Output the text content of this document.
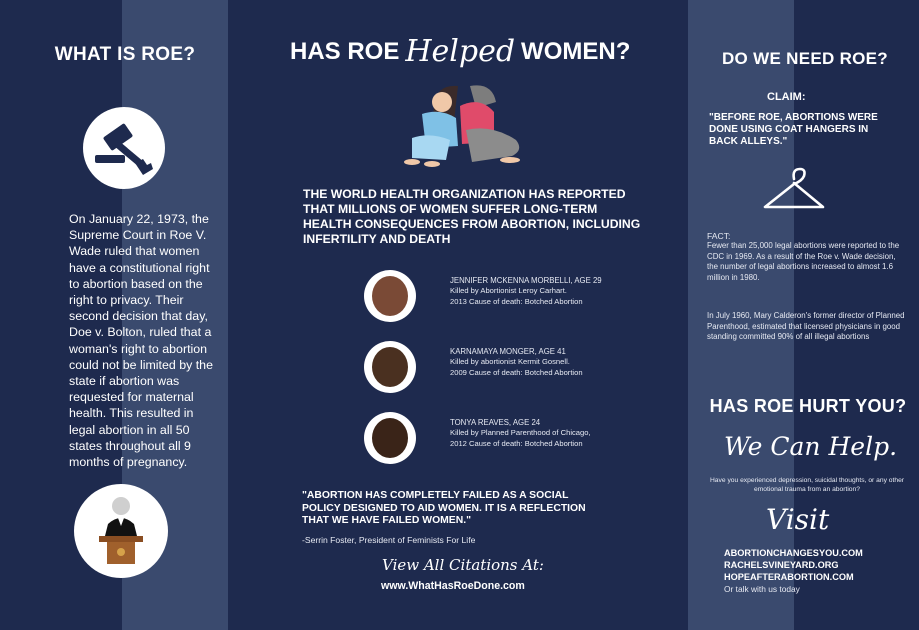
WHAT IS ROE?
On January 22, 1973, the Supreme Court in Roe V. Wade ruled that women have a constitutional right to abortion based on the right to privacy. Their second decision that day, Doe v. Bolton, ruled that a woman's right to abortion could not be limited by the state if abortion was requested for maternal health. This resulted in legal abortion in all 50 states throughout all 9 months of pregnancy.
HAS ROE Helped WOMEN?
THE WORLD HEALTH ORGANIZATION HAS REPORTED THAT MILLIONS OF WOMEN SUFFER LONG-TERM HEALTH CONSEQUENCES FROM ABORTION, INCLUDING INFERTILITY AND DEATH
JENNIFER MCKENNA MORBELLI, AGE 29
Killed by Abortionist Leroy Carhart.
2013 Cause of death: Botched Abortion
KARNAMAYA MONGER, AGE 41
Killed by abortionist Kermit Gosnell.
2009 Cause of death: Botched Abortion
TONYA REAVES, AGE 24
Killed by Planned Parenthood of Chicago,
2012 Cause of death: Botched Abortion
"ABORTION HAS COMPLETELY FAILED AS A SOCIAL POLICY DESIGNED TO AID WOMEN. IT IS A REFLECTION THAT WE HAVE FAILED WOMEN."
-Serrin Foster, President of Feminists For Life
View All Citations At:
www.WhatHasRoeDone.com
DO WE NEED ROE?
CLAIM:
"BEFORE ROE, ABORTIONS WERE DONE USING COAT HANGERS IN BACK ALLEYS."
FACT:
Fewer than 25,000 legal abortions were reported to the CDC in 1969. As a result of the Roe v. Wade decision, the number of legal abortions increased to almost 1.6 million in 1980.
In July 1960, Mary Calderon's former director of Planned Parenthood, estimated that licensed physicians in good standing committed 90% of all illegal abortions
HAS ROE HURT YOU?
We Can Help.
Have you experienced depression, suicidal thoughts, or any other emotional trauma from an abortion?
Visit
ABORTIONCHANGESYOU.COM
RACHELSVINEYARD.ORG
HOPEAFTERABORTION.COM
Or talk with us today
